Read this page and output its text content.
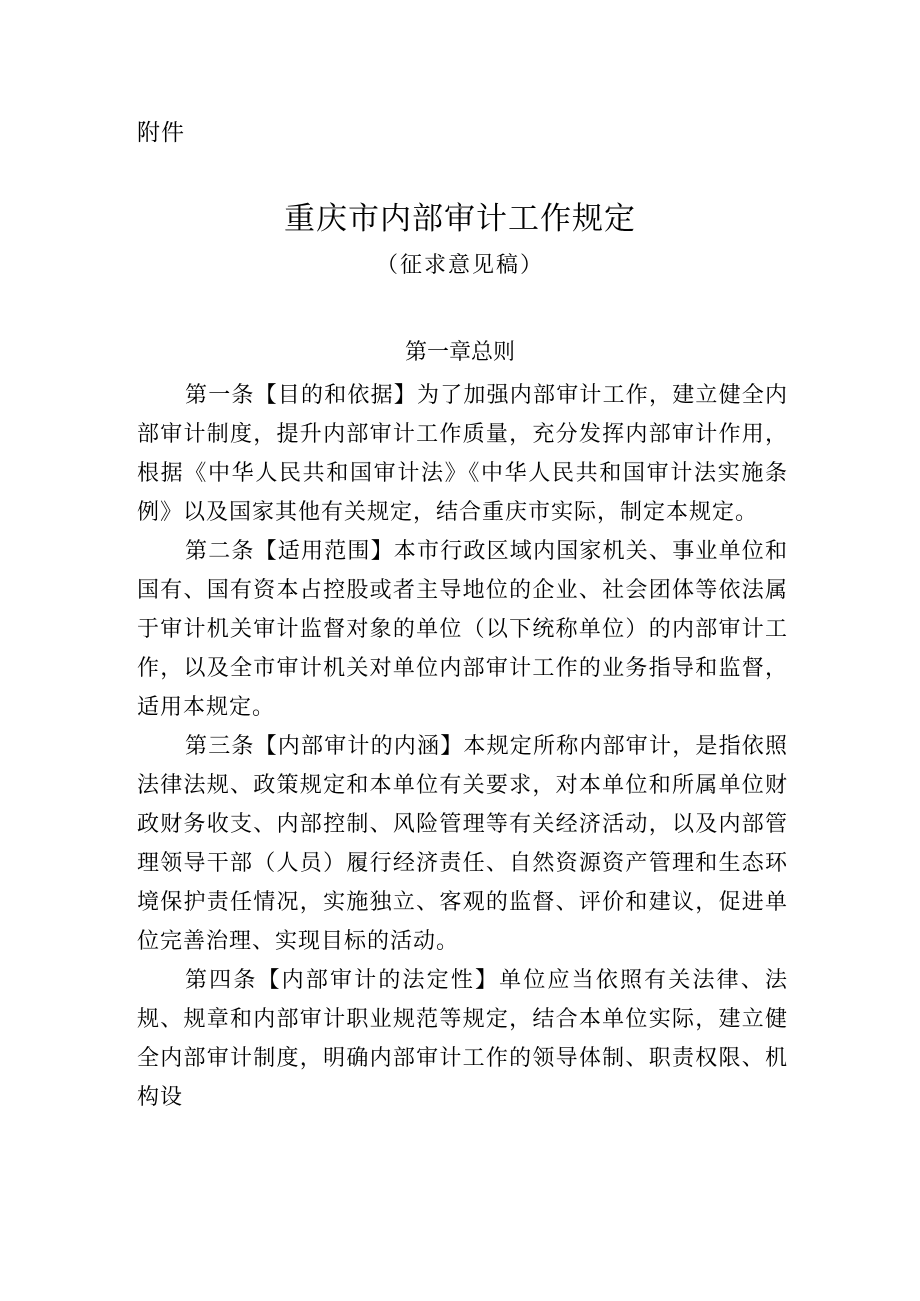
附件
重庆市内部审计工作规定
（征求意见稿）
第一章总则

第一条【目的和依据】为了加强内部审计工作，建立健全内部审计制度，提升内部审计工作质量，充分发挥内部审计作用，根据《中华人民共和国审计法》《中华人民共和国审计法实施条例》以及国家其他有关规定，结合重庆市实际，制定本规定。

第二条【适用范围】本市行政区域内国家机关、事业单位和国有、国有资本占控股或者主导地位的企业、社会团体等依法属于审计机关审计监督对象的单位（以下统称单位）的内部审计工作，以及全市审计机关对单位内部审计工作的业务指导和监督，适用本规定。

第三条【内部审计的内涵】本规定所称内部审计，是指依照法律法规、政策规定和本单位有关要求，对本单位和所属单位财政财务收支、内部控制、风险管理等有关经济活动，以及内部管理领导干部（人员）履行经济责任、自然资源资产管理和生态环境保护责任情况，实施独立、客观的监督、评价和建议，促进单位完善治理、实现目标的活动。

第四条【内部审计的法定性】单位应当依照有关法律、法规、规章和内部审计职业规范等规定，结合本单位实际，建立健全内部审计制度，明确内部审计工作的领导体制、职责权限、机构设
